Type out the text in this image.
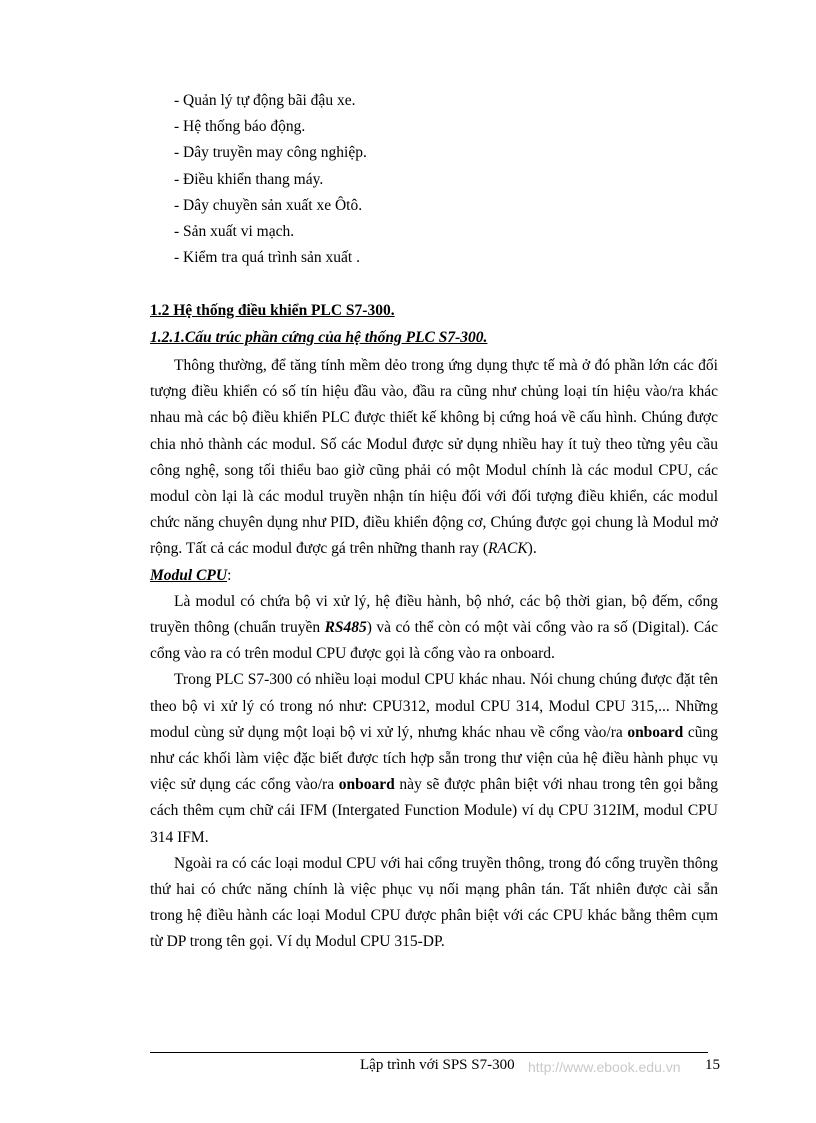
- Quản lý tự động bãi đậu xe.
- Hệ thống báo động.
- Dây truyền may công nghiệp.
- Điều khiển thang máy.
- Dây chuyền sản xuất xe Ôtô.
- Sản xuất vi mạch.
- Kiểm tra quá trình sản xuất .
1.2 Hệ thống điều khiển PLC S7-300.
1.2.1.Cấu trúc phần cứng của hệ thống PLC S7-300.

Thông thường, để tăng tính mềm dẻo trong ứng dụng thực tế mà ở đó phần lớn các đối tượng điều khiển có số tín hiệu đầu vào, đầu ra cũng như chủng loại tín hiệu vào/ra khác nhau mà các bộ điều khiển PLC được thiết kế không bị cứng hoá về cấu hình. Chúng được chia nhỏ thành các modul. Số các Modul được sử dụng nhiều hay ít tuỳ theo từng yêu cầu công nghệ, song tối thiểu bao giờ cũng phải có một Modul chính là các modul CPU, các modul còn lại là các modul truyền nhận tín hiệu đối với đối tượng điều khiển, các modul chức năng chuyên dụng như PID, điều khiển động cơ, Chúng được gọi chung là Modul mở rộng. Tất cả các modul được gá trên những thanh ray (RACK).

Modul CPU:

Là modul có chứa bộ vi xử lý, hệ điều hành, bộ nhớ, các bộ thời gian, bộ đếm, cổng truyền thông (chuẩn truyền RS485) và có thể còn có một vài cổng vào ra số (Digital). Các cổng vào ra có trên modul CPU được gọi là cổng vào ra onboard.

Trong PLC S7-300 có nhiều loại modul CPU khác nhau. Nói chung chúng được đặt tên theo bộ vi xử lý có trong nó như: CPU312, modul CPU 314, Modul CPU 315,... Những modul cùng sử dụng một loại bộ vi xử lý, nhưng khác nhau về cổng vào/ra onboard cũng như các khối làm việc đặc biết được tích hợp sẵn trong thư viện của hệ điều hành phục vụ việc sử dụng các cổng vào/ra onboard này sẽ được phân biệt với nhau trong tên gọi bằng cách thêm cụm chữ cái IFM (Intergated Function Module) ví dụ CPU 312IM, modul CPU 314 IFM.

Ngoài ra có các loại modul CPU với hai cổng truyền thông, trong đó cổng truyền thông thứ hai có chức năng chính là việc phục vụ nối mạng phân tán. Tất nhiên được cài sẵn trong hệ điều hành các loại Modul CPU được phân biệt với các CPU khác bằng thêm cụm từ DP trong tên gọi. Ví dụ Modul CPU 315-DP.

Lập trình với SPS S7-300 http://www.ebook.edu.vn 15
